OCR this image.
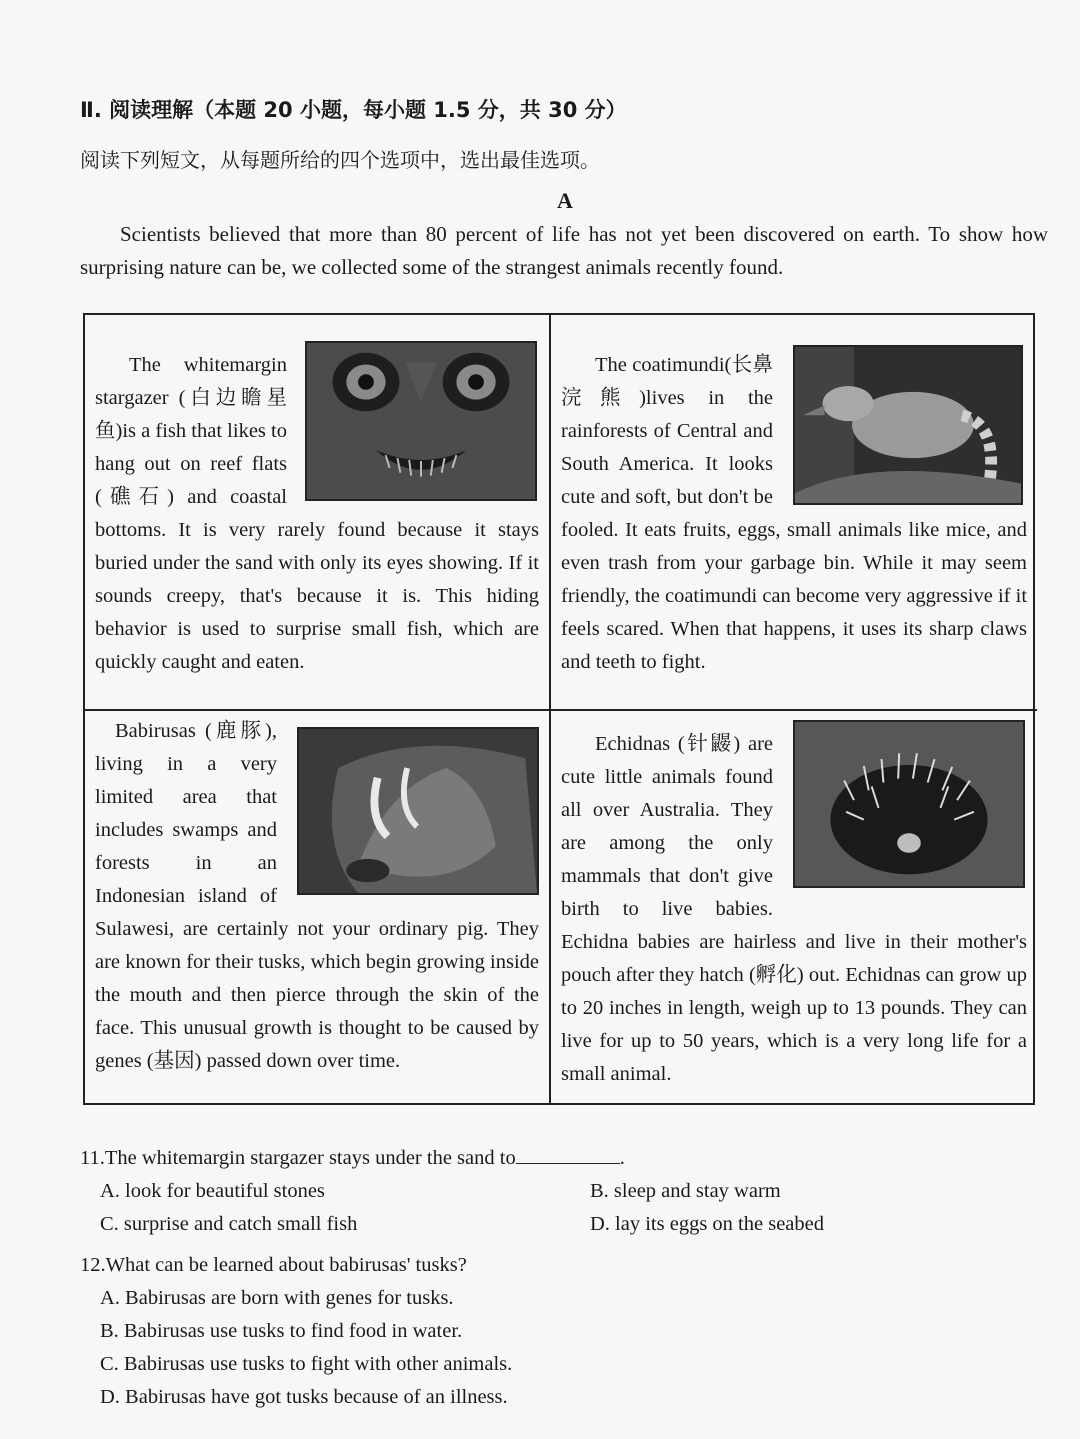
Ⅱ. 阅读理解（本题 20 小题，每小题 1.5 分，共 30 分）
阅读下列短文，从每题所给的四个选项中，选出最佳选项。
A
Scientists believed that more than 80 percent of life has not yet been discovered on earth. To show how surprising nature can be, we collected some of the strangest animals recently found.

The whitemargin stargazer (白边瞻星鱼)is a fish that likes to hang out on reef flats (礁石) and coastal bottoms. It is very rarely found because it stays buried under the sand with only its eyes showing. If it sounds creepy, that's because it is. This hiding behavior is used to surprise small fish, which are quickly caught and eaten.

The coatimundi(长鼻浣熊)lives in the rainforests of Central and South America. It looks cute and soft, but don't be fooled. It eats fruits, eggs, small animals like mice, and even trash from your garbage bin. While it may seem friendly, the coatimundi can become very aggressive if it feels scared. When that happens, it uses its sharp claws and teeth to fight.

Babirusas (鹿豚), living in a very limited area that includes swamps and forests in an Indonesian island of Sulawesi, are certainly not your ordinary pig. They are known for their tusks, which begin growing inside the mouth and then pierce through the skin of the face. This unusual growth is thought to be caused by genes (基因) passed down over time.

Echidnas (针鼹) are cute little animals found all over Australia. They are among the only mammals that don't give birth to live babies. Echidna babies are hairless and live in their mother's pouch after they hatch (孵化) out. Echidnas can grow up to 20 inches in length, weigh up to 13 pounds. They can live for up to 50 years, which is a very long life for a small animal.

11.The whitemargin stargazer stays under the sand to	.
A. look for beautiful stones	B. sleep and stay warm
C. surprise and catch small fish	D. lay its eggs on the seabed
12.What can be learned about babirusas' tusks?
A. Babirusas are born with genes for tusks.
B. Babirusas use tusks to find food in water.
C. Babirusas use tusks to fight with other animals.
D. Babirusas have got tusks because of an illness.
